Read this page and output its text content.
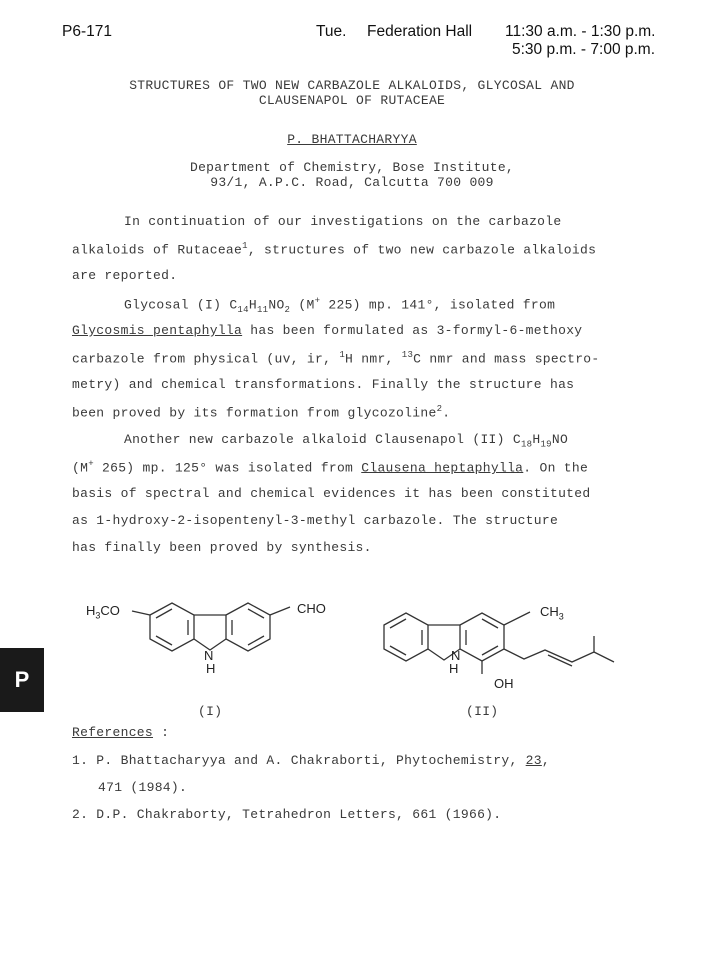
P6-171	Tue. Federation Hall 11:30 a.m. - 1:30 p.m.
5:30 p.m. - 7:00 p.m.
STRUCTURES OF TWO NEW CARBAZOLE ALKALOIDS, GLYCOSAL AND
CLAUSENAPOL OF RUTACEAE
P. BHATTACHARYYA
Department of Chemistry, Bose Institute,
93/1, A.P.C. Road, Calcutta 700 009
In continuation of our investigations on the carbazole
alkaloids of Rutaceae$^1$, structures of two new carbazole alkaloids
are reported.
Glycosal (I) $C_{14}H_{11}NO_2$ (M+ 225) mp. 141°, isolated from
Glycosmis pentaphylla has been formulated as 3-formyl-6-methoxy
carbazole from physical (uv, ir, $^1$H nmr, $^{13}$C nmr and mass spectro-
metry) and chemical transformations. Finally the structure has
been proved by its formation from glycozoline$^2$.
Another new carbazole alkaloid Clausenapol (II) $C_{18}H_{19}NO$
(M+ 265) mp. 125° was isolated from Clausena heptaphylla. On the
basis of spectral and chemical evidences it has been constituted
as 1-hydroxy-2-isopentenyl-3-methyl carbazole. The structure
has finally been proved by synthesis.
$H_3CO$	CHO
N
H
(I)
$CH_3$
N
H
OH
(II)
References :
1. P. Bhattacharyya and A. Chakraborti, Phytochemistry, 23,
471 (1984).
2. D.P. Chakraborty, Tetrahedron Letters, 661 (1966).
P
